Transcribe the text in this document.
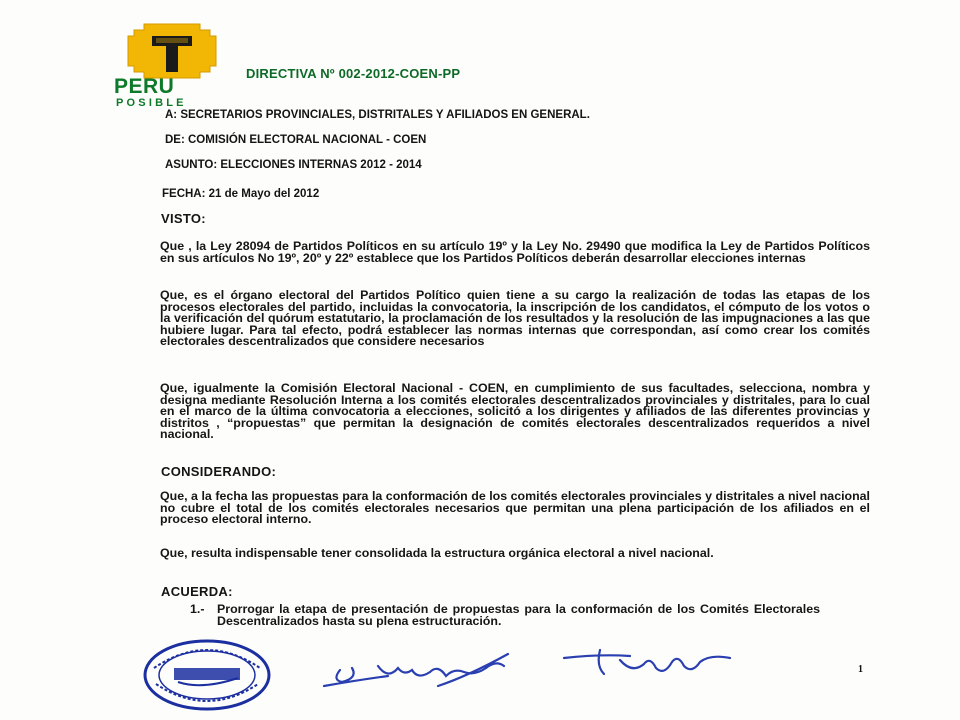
PERU
POSIBLE
DIRECTIVA Nº 002-2012-COEN-PP
A: SECRETARIOS PROVINCIALES, DISTRITALES Y AFILIADOS EN GENERAL.
DE: COMISIÓN ELECTORAL NACIONAL - COEN
ASUNTO: ELECCIONES INTERNAS 2012 - 2014
FECHA: 21 de Mayo del 2012
VISTO:
Que , la Ley 28094 de Partidos Políticos en su artículo 19º y la Ley No. 29490 que modifica la Ley de Partidos Políticos en sus artículos No 19º, 20º y 22º establece que los Partidos Políticos deberán desarrollar elecciones internas
Que, es el órgano electoral del Partidos Político quien tiene a su cargo la realización de todas las etapas de los procesos electorales del partido, incluidas la convocatoria, la inscripción de los candidatos, el cómputo de los votos o la verificación del quórum estatutario, la proclamación de los resultados y la resolución de las impugnaciones a las que hubiere lugar. Para tal efecto, podrá establecer las normas internas que correspondan, así como crear los comités electorales descentralizados que considere necesarios
Que, igualmente la Comisión Electoral Nacional - COEN, en cumplimiento de sus facultades, selecciona, nombra y designa mediante Resolución Interna a los comités electorales descentralizados provinciales y distritales, para lo cual en el marco de la última convocatoria a elecciones, solicitó a los dirigentes y afiliados de las diferentes provincias y distritos , “propuestas” que permitan la designación de comités electorales descentralizados requeridos a nivel nacional.
CONSIDERANDO:
Que, a la fecha las propuestas para la conformación de los comités electorales provinciales y distritales a nivel nacional no cubre el total de los comités electorales necesarios que permitan una plena participación de los afiliados en el proceso electoral interno.
Que, resulta indispensable tener consolidada la estructura orgánica electoral a nivel nacional.
ACUERDA:
1.- Prorrogar la etapa de presentación de propuestas para la conformación de los Comités Electorales Descentralizados hasta su plena estructuración.
1
